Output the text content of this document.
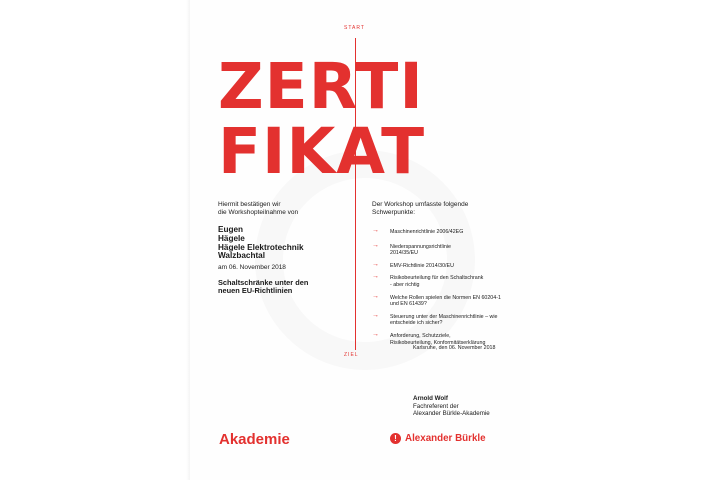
START
ZIEL
ZERTI
FIKAT
Hiermit bestätigen wir
die Workshopteilnahme von
Eugen
Hägele
Hägele Elektrotechnik
Walzbachtal
am 06. November 2018
Schaltschränke unter den
neuen EU-Richtlinien
Der Workshop umfasste folgende
Schwerpunkte:
→ Maschinenrichtlinie 2006/42EG
→ Niederspannungsrichtlinie 2014/35/EU
→ EMV-Richtlinie 2014/30/EU
→ Risikobeurteilung für den Schaltschrank - aber richtig
→ Welche Rollen spielen die Normen EN 60204-1 und EN 61439?
→ Steuerung unter der Maschinenrichtlinie – wie entscheide ich sicher?
→ Anforderung, Schutzziele, Risikobeurteilung, Konformitätserklärung
Karlsruhe, den 06. November 2018
Arnold Wolf
Fachreferent der
Alexander Bürkle-Akademie
Akademie	! Alexander Bürkle
